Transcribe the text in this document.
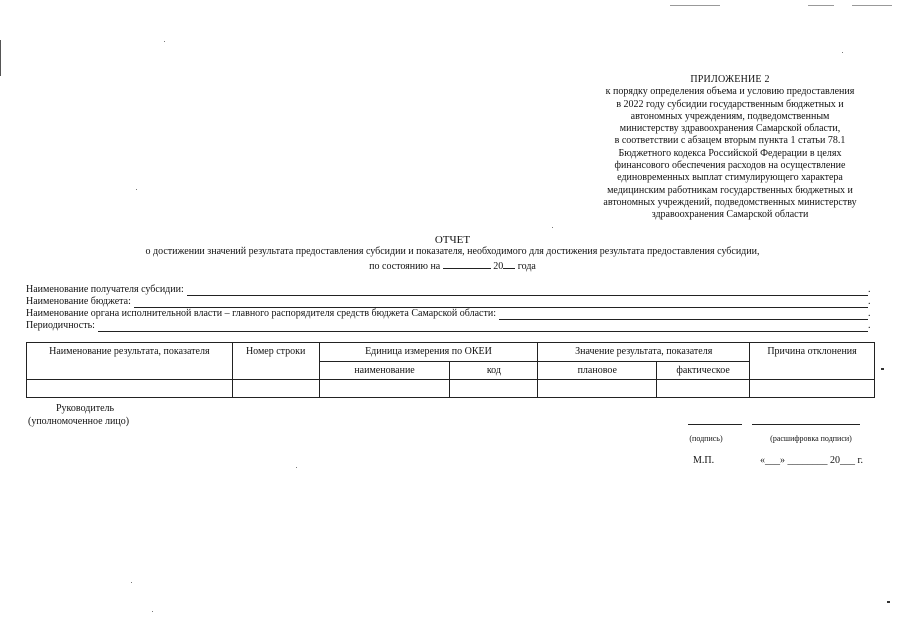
ПРИЛОЖЕНИЕ 2
к порядку определения объема и условию предоставления
в 2022 году субсидии государственным бюджетных и
автономных учреждениям, подведомственным
министерству здравоохранения Самарской области,
в соответствии с абзацем вторым пункта 1 статьи 78.1
Бюджетного кодекса Российской Федерации в целях
финансового обеспечения расходов на осуществление
единовременных выплат стимулирующего характера
медицинским работникам государственных бюджетных и
автономных учреждений, подведомственных министерству
здравоохранения Самарской области
ОТЧЕТ
о достижении значений результата предоставления субсидии и показателя, необходимого для достижения результата предоставления субсидии,
по состоянию на	20 года
Наименование получателя субсидии:	.
Наименование бюджета:	.
Наименование органа исполнительной власти – главного распорядителя средств бюджета Самарской области:	.
Периодичность:	.
Наименование результата, показателя	Номер строки	Единица измерения по ОКЕИ		Значение результата, показателя		Причина отклонения
		наименование	код	плановое	фактическое	

Руководитель
(уполномоченное лицо)
(подпись)	(расшифровка подписи)
М.П.	«___» ________ 20___ г.
